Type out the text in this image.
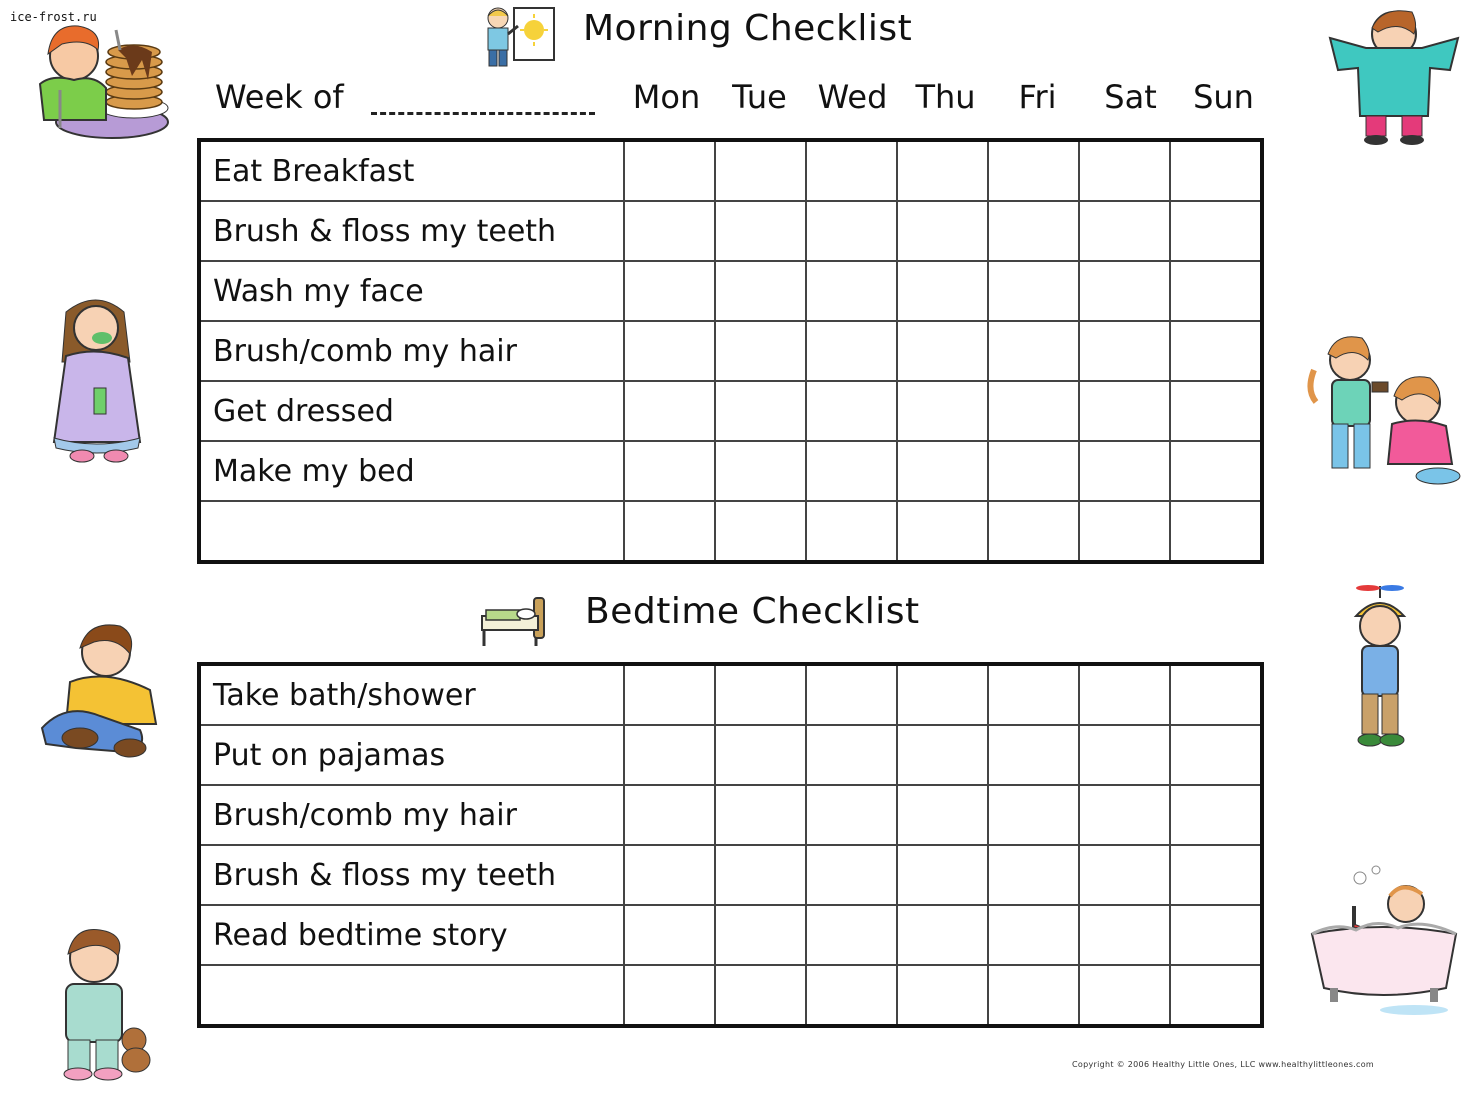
ice-frost.ru	Morning Checklist
Week of	Mon Tue Wed Thu	Fri	Sat	Sun
Eat Breakfast							
Brush & floss my teeth							
Wash my face							
Brush/comb my hair							
Get dressed							
Make my bed							

Bedtime Checklist
Take bath/shower							
Put on pajamas							
Brush/comb my hair							
Brush & floss my teeth							
Read bedtime story							

Copyright © 2006 Healthy Little Ones, LLC www.healthylittleones.com
